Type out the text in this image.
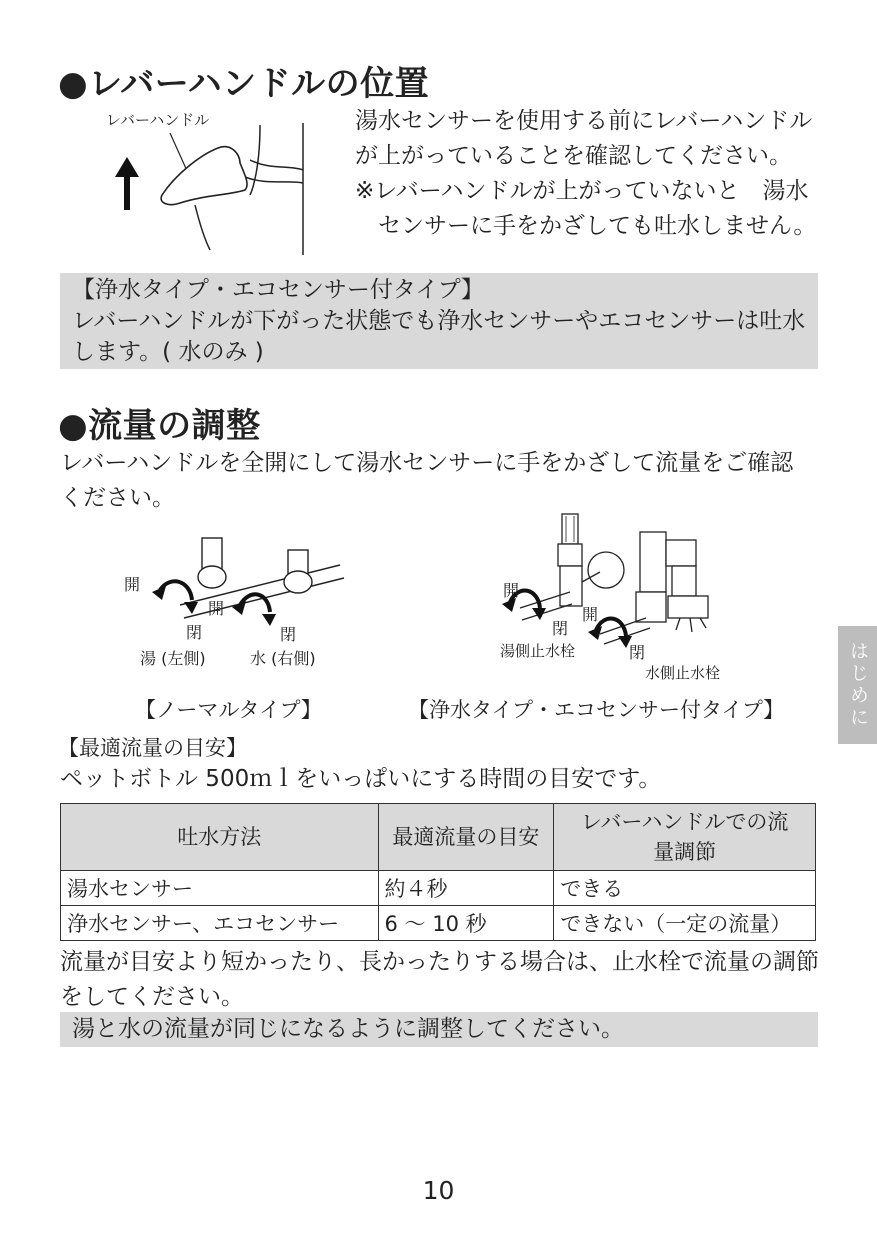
●レバーハンドルの位置
レバーハンドル	湯水センサーを使用する前にレバーハンドル
が上がっていることを確認してください。
※レバーハンドルが上がっていないと　湯水
　センサーに手をかざしても吐水しません。
【浄水タイプ・エコセンサー付タイプ】
レバーハンドルが下がった状態でも浄水センサーやエコセンサーは吐水
します。( 水のみ )
●流量の調整
レバーハンドルを全開にして湯水センサーに手をかざして流量をご確認
ください。
開
閉
開
閉
湯 (左側)	水 (右側)
【ノーマルタイプ】
開
閉
開
閉
湯側止水栓
水側止水栓
【浄水タイプ・エコセンサー付タイプ】
【最適流量の目安】
ペットボトル 500ｍｌをいっぱいにする時間の目安です。
吐水方法	最適流量の目安	レバーハンドルでの流
量調節

湯水センサー	約４秒	できる
浄水センサー、エコセンサー	6 ～ 10 秒	できない（一定の流量）
流量が目安より短かったり、長かったりする場合は、止水栓で流量の調節
をしてください。
湯と水の流量が同じになるように調整してください。
はじめに
10
